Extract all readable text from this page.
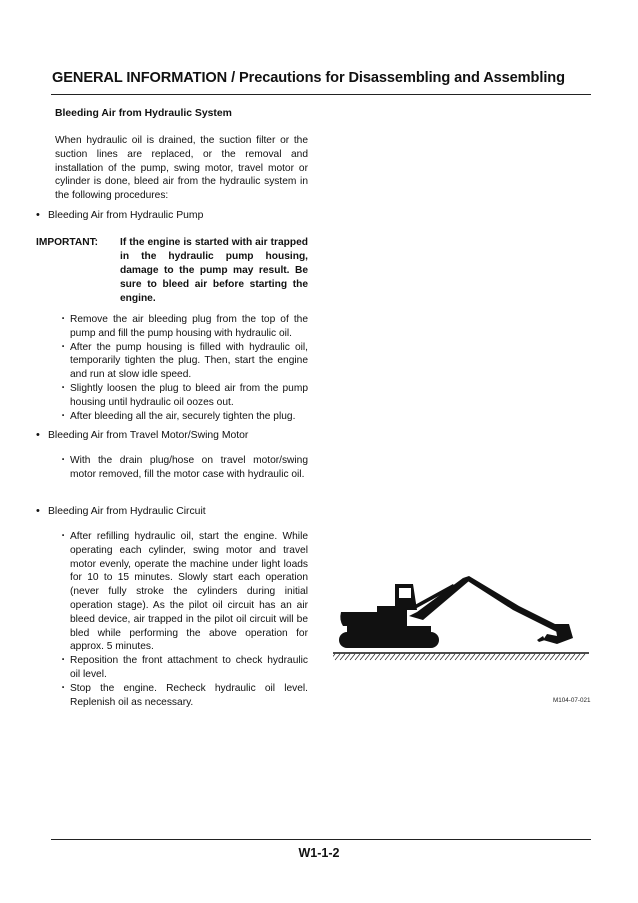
GENERAL INFORMATION / Precautions for Disassembling and Assembling
Bleeding Air from Hydraulic System
When hydraulic oil is drained, the suction filter or the suction lines are replaced, or the removal and installation of the pump, swing motor, travel motor or cylinder is done, bleed air from the hydraulic system in the following procedures:
• Bleeding Air from Hydraulic Pump
IMPORTANT: If the engine is started with air trapped in the hydraulic pump housing, damage to the pump may result. Be sure to bleed air before starting the engine.
・ Remove the air bleeding plug from the top of the pump and fill the pump housing with hydraulic oil.
・ After the pump housing is filled with hydraulic oil, temporarily tighten the plug. Then, start the engine and run at slow idle speed.
・ Slightly loosen the plug to bleed air from the pump housing until hydraulic oil oozes out.
・ After bleeding all the air, securely tighten the plug.
• Bleeding Air from Travel Motor/Swing Motor
・ With the drain plug/hose on travel motor/swing motor removed, fill the motor case with hydraulic oil.
• Bleeding Air from Hydraulic Circuit
・ After refilling hydraulic oil, start the engine. While operating each cylinder, swing motor and travel motor evenly, operate the machine under light loads for 10 to 15 minutes. Slowly start each operation (never fully stroke the cylinders during initial operation stage). As the pilot oil circuit has an air bleed device, air trapped in the pilot oil circuit will be bled while performing the above operation for approx. 5 minutes.
・ Reposition the front attachment to check hydraulic oil level.
・ Stop the engine. Recheck hydraulic oil level. Replenish oil as necessary.	M104-07-021
W1-1-2
